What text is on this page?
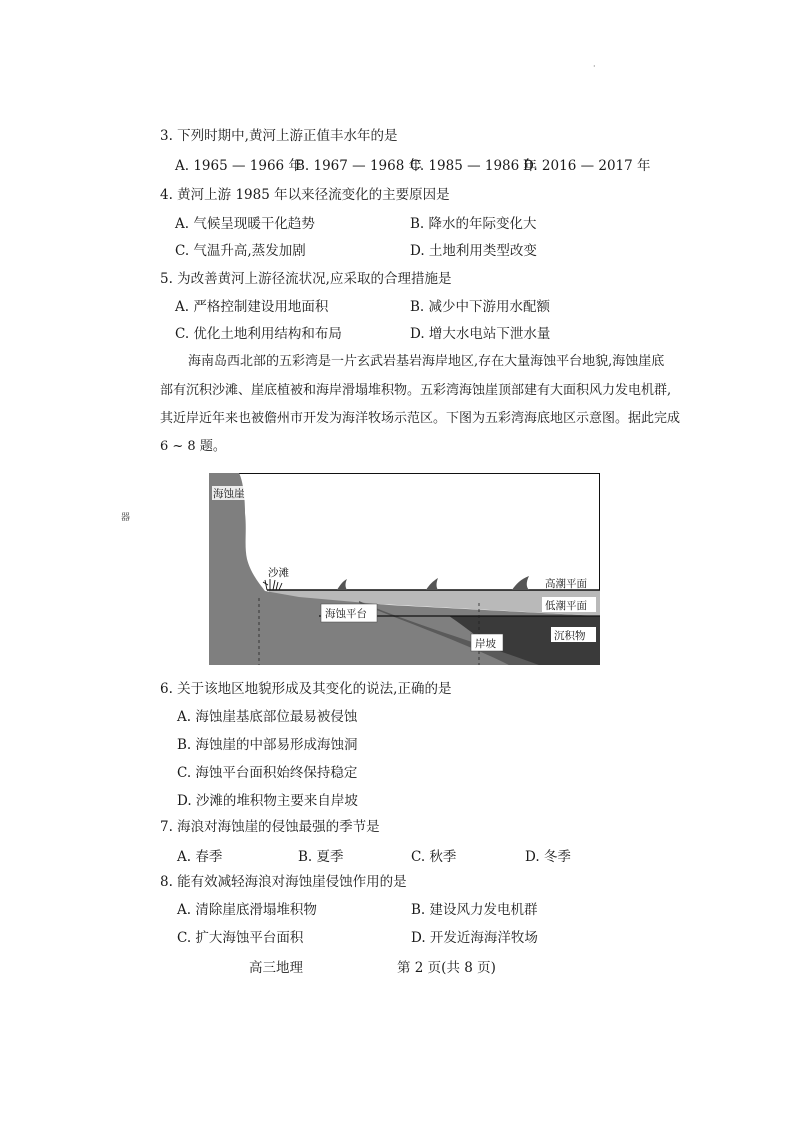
·
器
3. 下列时期中,黄河上游正值丰水年的是
A. 1965 — 1966 年
B. 1967 — 1968 年
C. 1985 — 1986 年
D. 2016 — 2017 年
4. 黄河上游 1985 年以来径流变化的主要原因是
A. 气候呈现暖干化趋势	B. 降水的年际变化大
C. 气温升高,蒸发加剧	D. 土地利用类型改变
5. 为改善黄河上游径流状况,应采取的合理措施是
A. 严格控制建设用地面积	B. 减少中下游用水配额
C. 优化土地利用结构和布局	D. 增大水电站下泄水量
海南岛西北部的五彩湾是一片玄武岩基岩海岸地区,存在大量海蚀平台地貌,海蚀崖底
部有沉积沙滩、崖底植被和海岸滑塌堆积物。五彩湾海蚀崖顶部建有大面积风力发电机群,
其近岸近年来也被儋州市开发为海洋牧场示范区。下图为五彩湾海底地区示意图。据此完成
6 ~ 8 题。
海蚀崖
沙滩
高潮平面
低潮平面
海蚀平台
岸坡
沉积物
6. 关于该地区地貌形成及其变化的说法,正确的是
A. 海蚀崖基底部位最易被侵蚀
B. 海蚀崖的中部易形成海蚀洞
C. 海蚀平台面积始终保持稳定
D. 沙滩的堆积物主要来自岸坡
7. 海浪对海蚀崖的侵蚀最强的季节是
A. 春季	B. 夏季	C. 秋季	D. 冬季
8. 能有效减轻海浪对海蚀崖侵蚀作用的是
A. 清除崖底滑塌堆积物	B. 建设风力发电机群
C. 扩大海蚀平台面积	D. 开发近海海洋牧场
高三地理	第 2 页(共 8 页)
